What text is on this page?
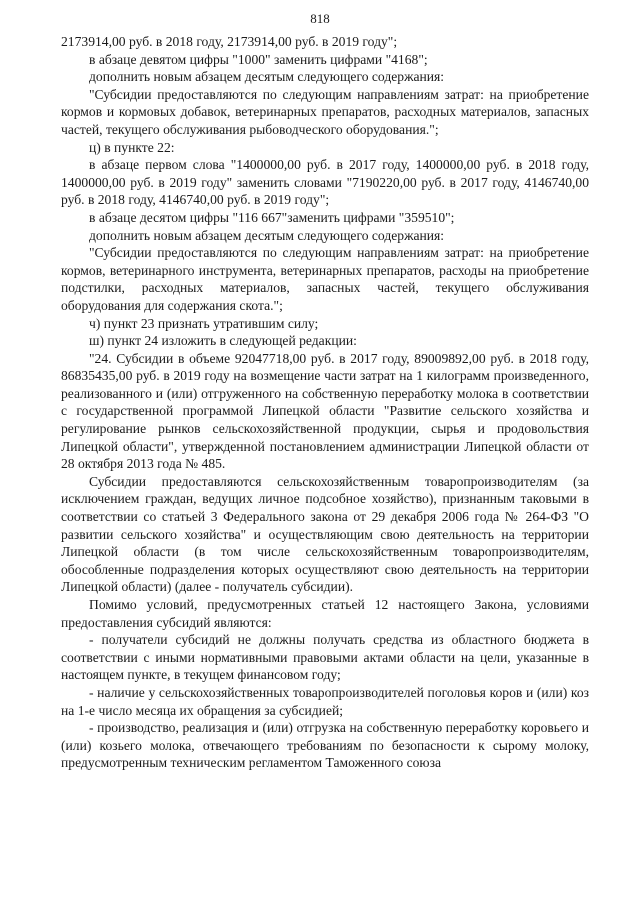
818

2173914,00 руб. в 2018 году, 2173914,00 руб. в 2019 году";

в абзаце девятом цифры "1000" заменить цифрами "4168";

дополнить новым абзацем десятым следующего содержания:

"Субсидии предоставляются по следующим направлениям затрат: на приобретение кормов и кормовых добавок, ветеринарных препаратов, расходных материалов, запасных частей, текущего обслуживания рыбоводческого оборудования.";

ц) в пункте 22:

в абзаце первом слова "1400000,00 руб. в 2017 году, 1400000,00 руб. в 2018 году, 1400000,00 руб. в 2019 году" заменить словами "7190220,00 руб. в 2017 году, 4146740,00 руб. в 2018 году, 4146740,00 руб. в 2019 году";

в абзаце десятом цифры "116 667"заменить цифрами "359510";

дополнить новым абзацем десятым следующего содержания:

"Субсидии предоставляются по следующим направлениям затрат: на приобретение кормов, ветеринарного инструмента, ветеринарных препаратов, расходы на приобретение подстилки, расходных материалов, запасных частей, текущего обслуживания оборудования для содержания скота.";

ч) пункт 23 признать утратившим силу;

ш) пункт 24 изложить в следующей редакции:

"24. Субсидии в объеме 92047718,00 руб. в 2017 году, 89009892,00 руб. в 2018 году, 86835435,00 руб. в 2019 году на возмещение части затрат на 1 килограмм произведенного, реализованного и (или) отгруженного на собственную переработку молока в соответствии с государственной программой Липецкой области "Развитие сельского хозяйства и регулирование рынков сельскохозяйственной продукции, сырья и продовольствия Липецкой области", утвержденной постановлением администрации Липецкой области от 28 октября 2013 года № 485.

Субсидии предоставляются сельскохозяйственным товаропроизводителям (за исключением граждан, ведущих личное подсобное хозяйство), признанным таковыми в соответствии со статьей 3 Федерального закона от 29 декабря 2006 года № 264-ФЗ "О развитии сельского хозяйства" и осуществляющим свою деятельность на территории Липецкой области (в том числе сельскохозяйственным товаропроизводителям, обособленные подразделения которых осуществляют свою деятельность на территории Липецкой области) (далее - получатель субсидии).

Помимо условий, предусмотренных статьей 12 настоящего Закона, условиями предоставления субсидий являются:

- получатели субсидий не должны получать средства из областного бюджета в соответствии с иными нормативными правовыми актами области на цели, указанные в настоящем пункте, в текущем финансовом году;

- наличие у сельскохозяйственных товаропроизводителей поголовья коров и (или) коз на 1-е число месяца их обращения за субсидией;

- производство, реализация и (или) отгрузка на собственную переработку коровьего и (или) козьего молока, отвечающего требованиям по безопасности к сырому молоку, предусмотренным техническим регламентом Таможенного союза
